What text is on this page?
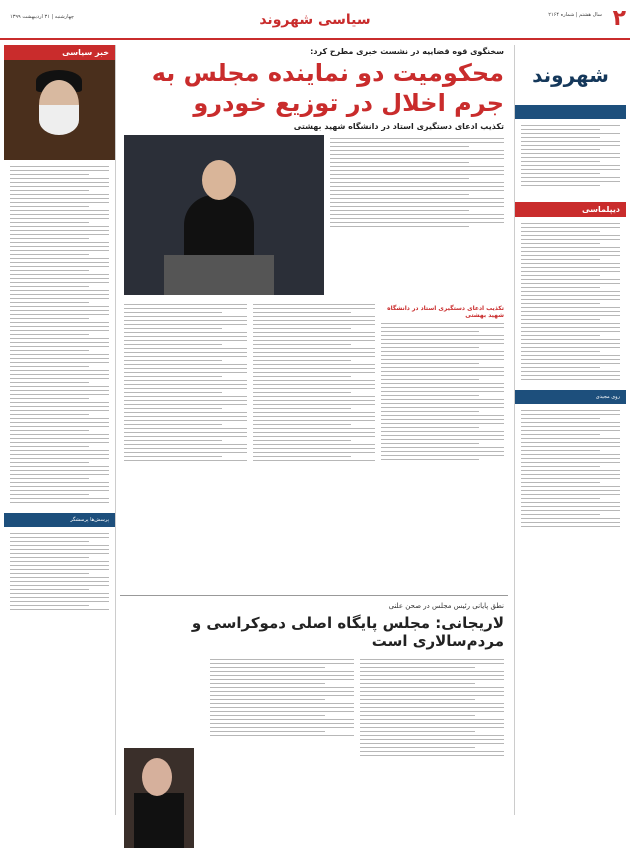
۲
سال هشتم | شماره ۲۱۶۴
سیاسی شهروند
چهارشنبه | ۳۱ اردیبهشت ۱۳۹۹
شهروند

دیپلماسی
روی مجیدی
سخنگوی قوه قضاییه در نشست خبری مطرح کرد:
محکومیت دو نماینده مجلس به جرم اخلال در توزیع خودرو
تکذیب ادعای دستگیری استاد در دانشگاه شهید بهشتی
تکذیب ادعای دستگیری استاد در دانشگاه شهید بهشتی
نطق پایانی رئیس مجلس در صحن علنی
لاریجانی: مجلس پایگاه اصلی دموکراسی و مردم‌سالاری است
خبر سیاسی
پرسش‌ها پرسشگر
